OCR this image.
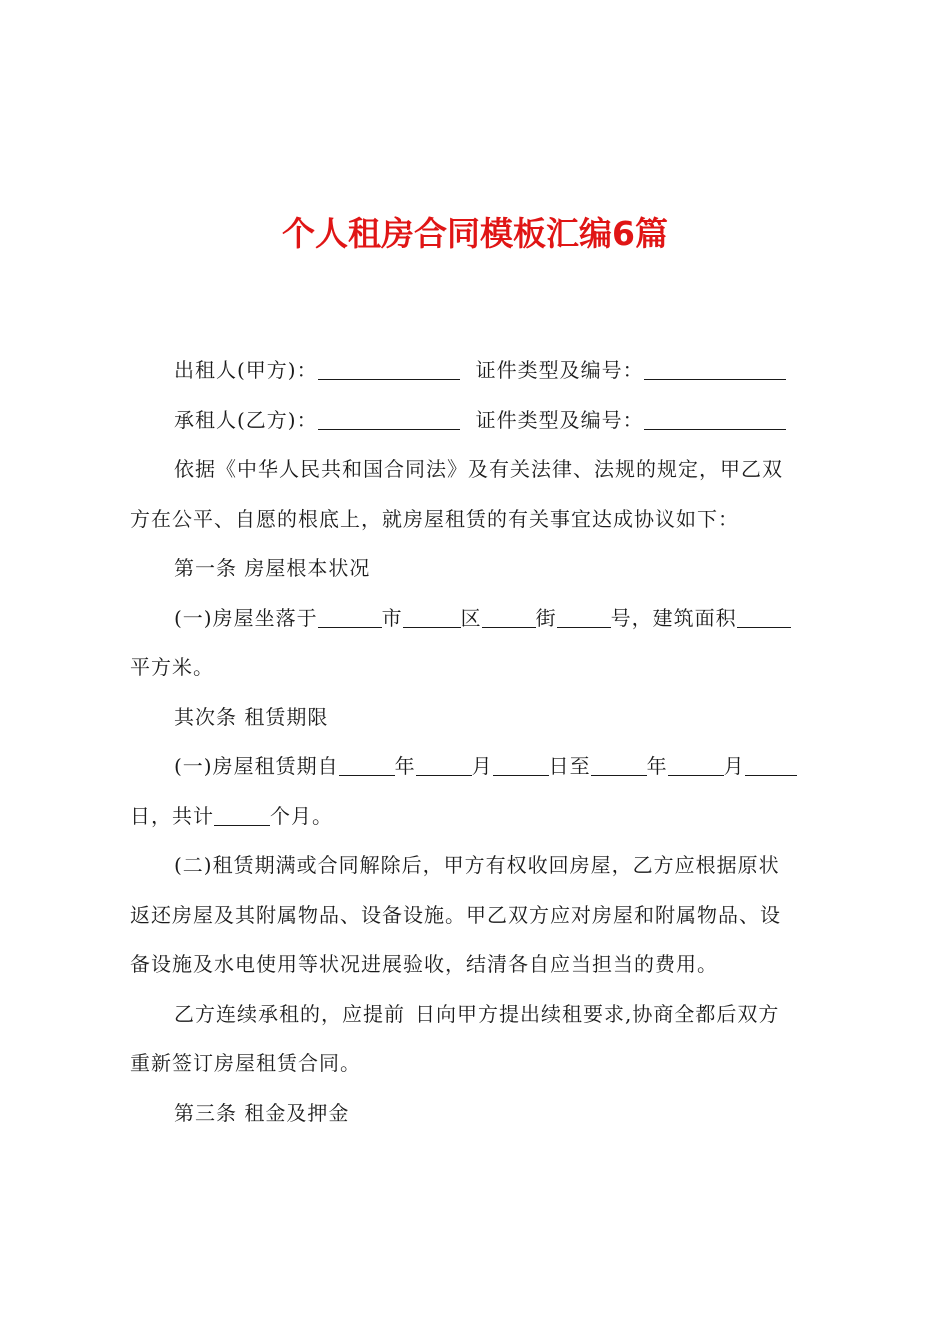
个人租房合同模板汇编6篇
出租人(甲方)：	证件类型及编号：
承租人(乙方)：	证件类型及编号：
依据《中华人民共和国合同法》及有关法律、法规的规定，甲乙双
方在公平、自愿的根底上，就房屋租赁的有关事宜达成协议如下：
第一条 房屋根本状况
(一)房屋坐落于	市	区	街	号，建筑面积
平方米。
其次条 租赁期限
(一)房屋租赁期自	年	月	日至	年	月
日，共计	个月。
(二)租赁期满或合同解除后，甲方有权收回房屋，乙方应根据原状
返还房屋及其附属物品、设备设施。甲乙双方应对房屋和附属物品、设
备设施及水电使用等状况进展验收，结清各自应当担当的费用。
乙方连续承租的，应提前 日向甲方提出续租要求,协商全都后双方
重新签订房屋租赁合同。
第三条 租金及押金
